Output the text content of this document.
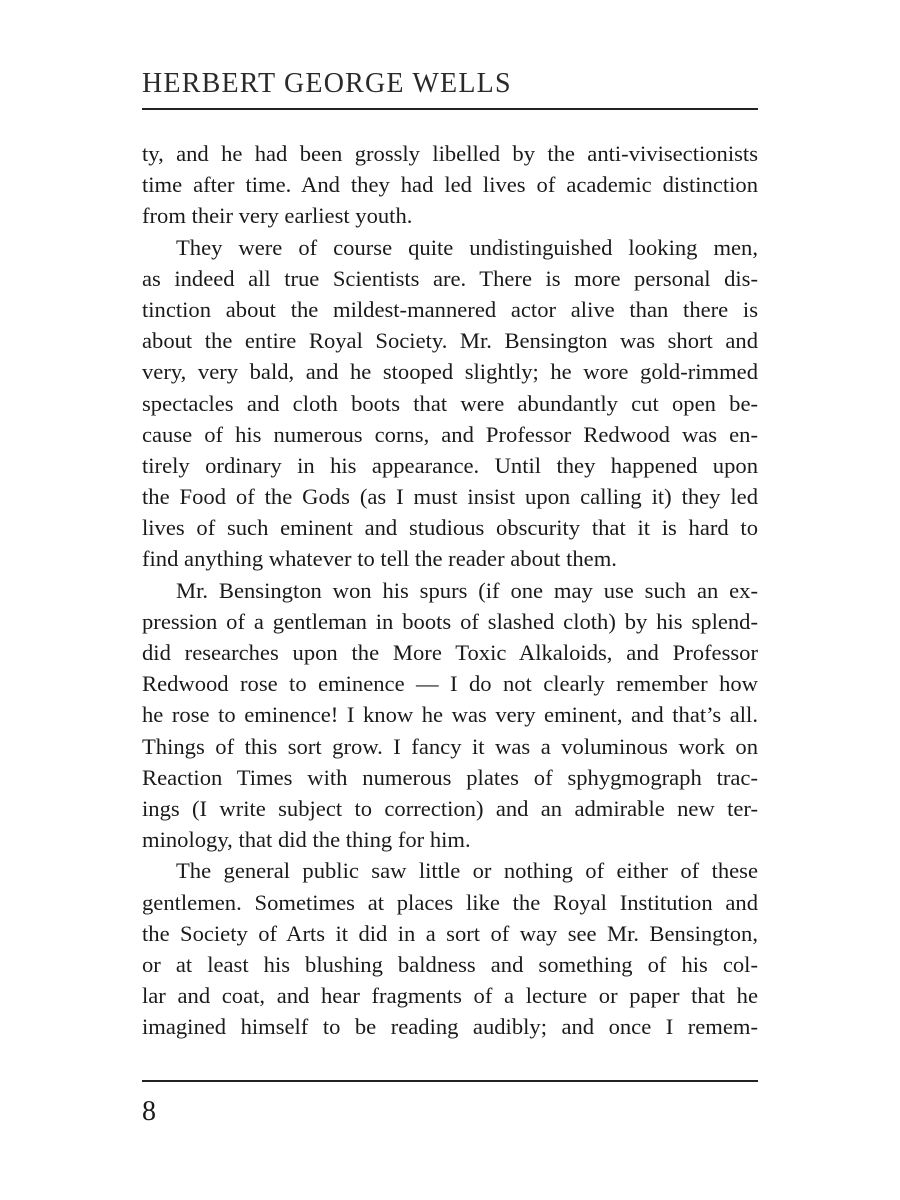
HERBERT GEORGE WELLS
ty, and he had been grossly libelled by the anti-vivisectionists
time after time. And they had led lives of academic distinction
from their very earliest youth.
They were of course quite undistinguished looking men,
as indeed all true Scientists are. There is more personal dis-
tinction about the mildest-mannered actor alive than there is
about the entire Royal Society. Mr. Bensington was short and
very, very bald, and he stooped slightly; he wore gold-rimmed
spectacles and cloth boots that were abundantly cut open be-
cause of his numerous corns, and Professor Redwood was en-
tirely ordinary in his appearance. Until they happened upon
the Food of the Gods (as I must insist upon calling it) they led
lives of such eminent and studious obscurity that it is hard to
find anything whatever to tell the reader about them.
Mr. Bensington won his spurs (if one may use such an ex-
pression of a gentleman in boots of slashed cloth) by his splend-
did researches upon the More Toxic Alkaloids, and Professor
Redwood rose to eminence — I do not clearly remember how
he rose to eminence! I know he was very eminent, and that’s all.
Things of this sort grow. I fancy it was a voluminous work on
Reaction Times with numerous plates of sphygmograph trac-
ings (I write subject to correction) and an admirable new ter-
minology, that did the thing for him.
The general public saw little or nothing of either of these
gentlemen. Sometimes at places like the Royal Institution and
the Society of Arts it did in a sort of way see Mr. Bensington,
or at least his blushing baldness and something of his col-
lar and coat, and hear fragments of a lecture or paper that he
imagined himself to be reading audibly; and once I remem-
8
